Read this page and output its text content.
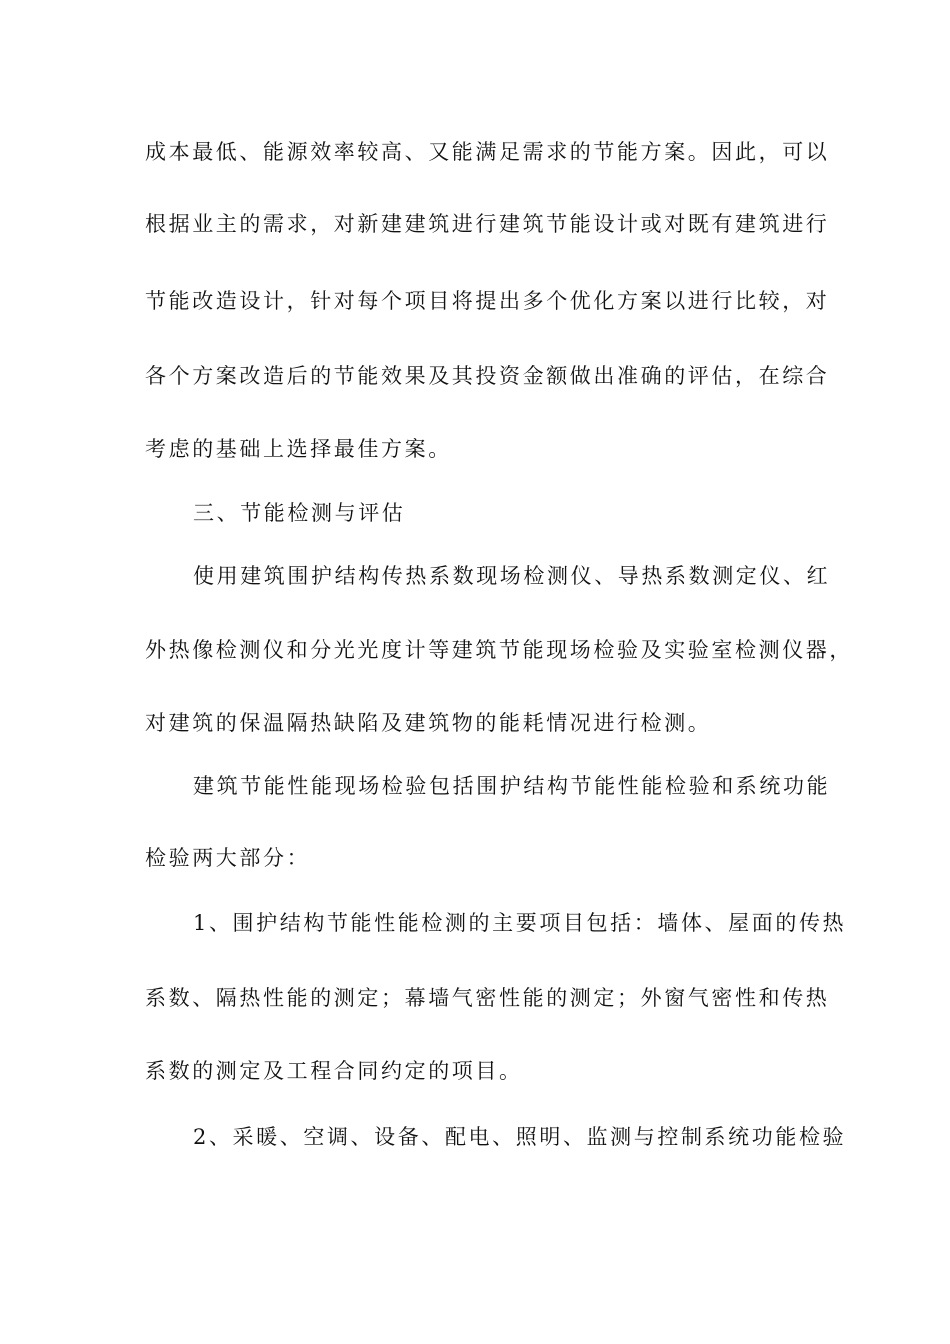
成本最低、能源效率较高、又能满足需求的节能方案。因此，可以
根据业主的需求，对新建建筑进行建筑节能设计或对既有建筑进行
节能改造设计，针对每个项目将提出多个优化方案以进行比较，对
各个方案改造后的节能效果及其投资金额做出准确的评估，在综合
考虑的基础上选择最佳方案。
三、节能检测与评估
使用建筑围护结构传热系数现场检测仪、导热系数测定仪、红
外热像检测仪和分光光度计等建筑节能现场检验及实验室检测仪器，
对建筑的保温隔热缺陷及建筑物的能耗情况进行检测。
建筑节能性能现场检验包括围护结构节能性能检验和系统功能
检验两大部分：
1、围护结构节能性能检测的主要项目包括：墙体、屋面的传热
系数、隔热性能的测定；幕墙气密性能的测定；外窗气密性和传热
系数的测定及工程合同约定的项目。
2、采暖、空调、设备、配电、照明、监测与控制系统功能检验
